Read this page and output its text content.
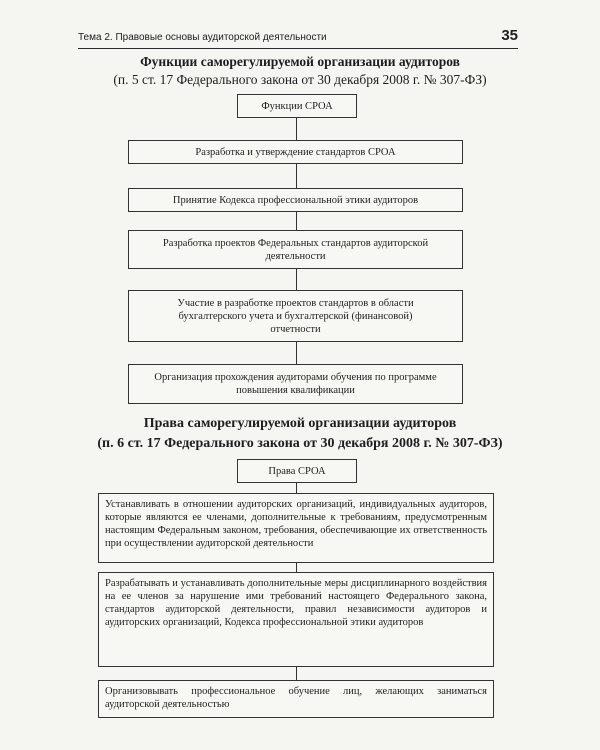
Тема 2. Правовые основы аудиторской деятельности	35
Функции саморегулируемой организации аудиторов
(п. 5 ст. 17 Федерального закона от 30 декабря 2008 г. № 307-ФЗ)
Функции СРОА
Разработка и утверждение стандартов СРОА
Принятие Кодекса профессиональной этики аудиторов
Разработка проектов Федеральных стандартов аудиторской деятельности
Участие в разработке проектов стандартов в области бухгалтерского учета и бухгалтерской (финансовой) отчетности
Организация прохождения аудиторами обучения по программе повышения квалификации
Права саморегулируемой организации аудиторов
(п. 6 ст. 17 Федерального закона от 30 декабря 2008 г. № 307-ФЗ)
Права СРОА
Устанавливать в отношении аудиторских организаций, индивидуальных аудиторов, которые являются ее членами, дополнительные к требованиям, предусмотренным настоящим Федеральным законом, требования, обеспечивающие их ответственность при осуществлении аудиторской деятельности
Разрабатывать и устанавливать дополнительные меры дисциплинарного воздействия на ее членов за нарушение ими требований настоящего Федерального закона, стандартов аудиторской деятельности, правил независимости аудиторов и аудиторских организаций, Кодекса профессиональной этики аудиторов
Организовывать профессиональное обучение лиц, желающих заниматься аудиторской деятельностью
